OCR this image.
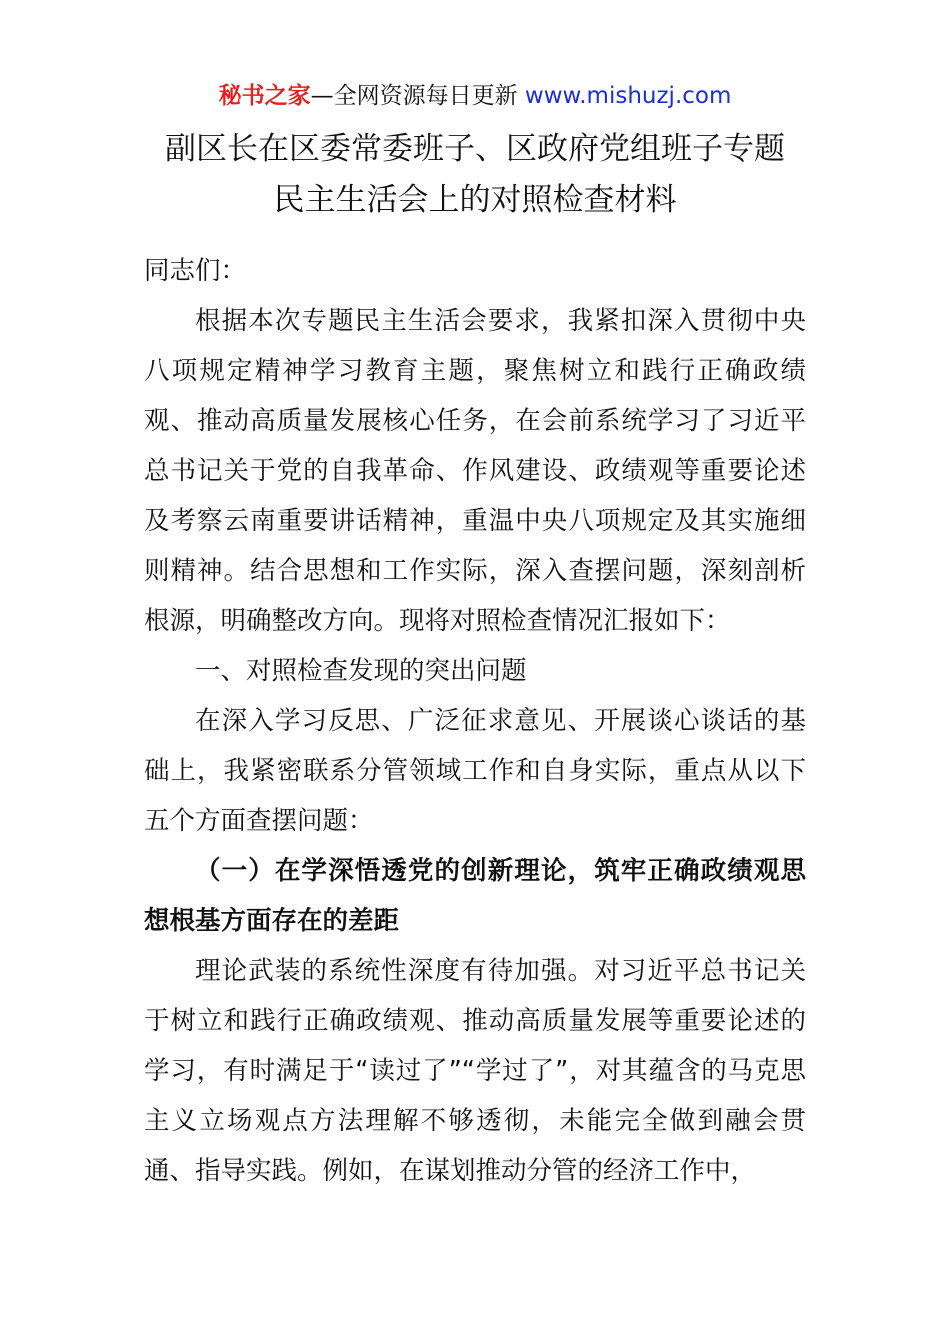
秘书之家—全网资源每日更新 www.mishuzj.com
副区长在区委常委班子、区政府党组班子专题
民主生活会上的对照检查材料

同志们：

根据本次专题民主生活会要求，我紧扣深入贯彻中央八项规定精神学习教育主题，聚焦树立和践行正确政绩观、推动高质量发展核心任务，在会前系统学习了习近平总书记关于党的自我革命、作风建设、政绩观等重要论述及考察云南重要讲话精神，重温中央八项规定及其实施细则精神。结合思想和工作实际，深入查摆问题，深刻剖析根源，明确整改方向。现将对照检查情况汇报如下：

一、对照检查发现的突出问题

在深入学习反思、广泛征求意见、开展谈心谈话的基础上，我紧密联系分管领域工作和自身实际，重点从以下五个方面查摆问题：

（一）在学深悟透党的创新理论，筑牢正确政绩观思想根基方面存在的差距

理论武装的系统性深度有待加强。对习近平总书记关于树立和践行正确政绩观、推动高质量发展等重要论述的学习，有时满足于“读过了”“学过了”，对其蕴含的马克思主义立场观点方法理解不够透彻，未能完全做到融会贯通、指导实践。例如，在谋划推动分管的经济工作中，
